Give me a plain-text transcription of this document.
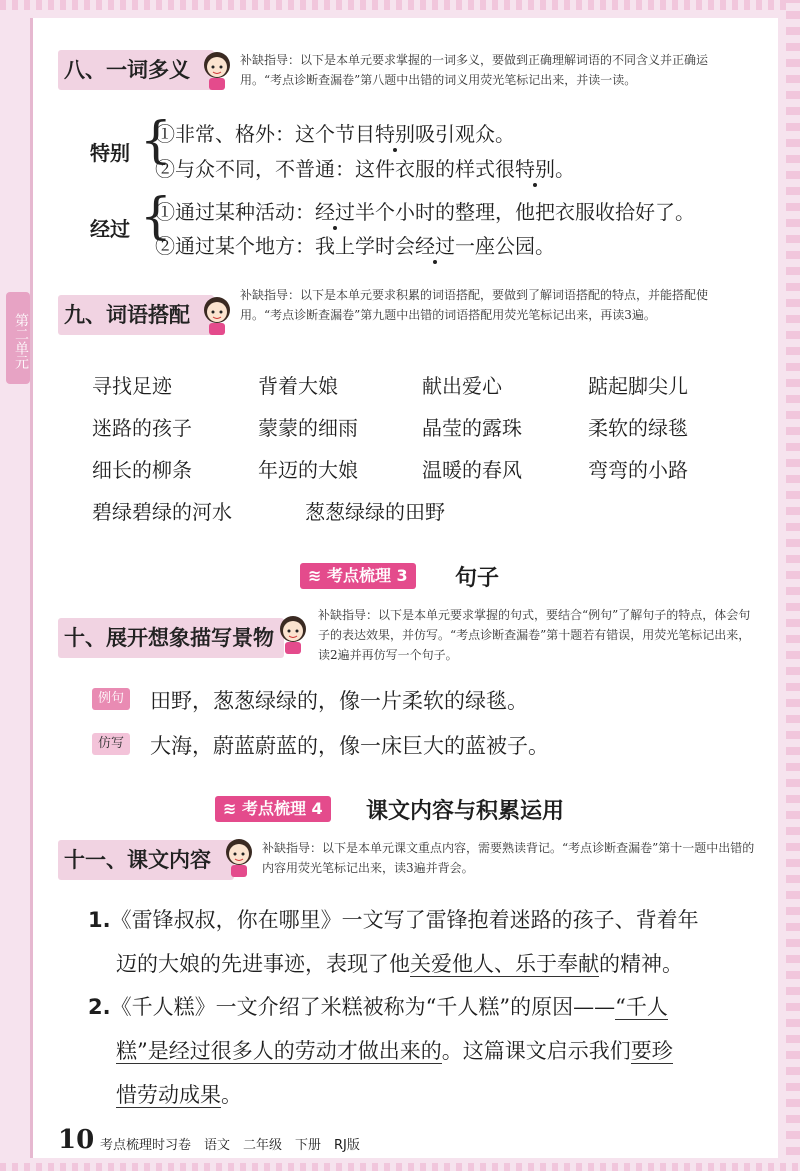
第二单元
八、一词多义	补缺指导：以下是本单元要求掌握的一词多义，要做到正确理解词语的不同含义并正确运用。“考点诊断查漏卷”第八题中出错的词义用荧光笔标记出来，并读一读。
特别 {
①非常、格外：这个节目特别吸引观众。
②与众不同，不普通：这件衣服的样式很特别。
经过 {
①通过某种活动：经过半个小时的整理，他把衣服收拾好了。
②通过某个地方：我上学时会经过一座公园。
九、词语搭配
补缺指导：以下是本单元要求积累的词语搭配，要做到了解词语搭配的特点，并能搭配使用。“考点诊断查漏卷”第九题中出错的词语搭配用荧光笔标记出来，再读3遍。
寻找足迹	背着大娘	献出爱心	踮起脚尖儿
迷路的孩子	蒙蒙的细雨	晶莹的露珠	柔软的绿毯
细长的柳条	年迈的大娘	温暖的春风	弯弯的小路
碧绿碧绿的河水	葱葱绿绿的田野
≋ 考点梳理 3	句子
十、展开想象描写景物
补缺指导：以下是本单元要求掌握的句式，要结合“例句”了解句子的特点，体会句子的表达效果，并仿写。“考点诊断查漏卷”第十题若有错误，用荧光笔标记出来，读2遍并再仿写一个句子。
例句 田野，葱葱绿绿的，像一片柔软的绿毯。
仿写 大海，蔚蓝蔚蓝的，像一床巨大的蓝被子。
≋ 考点梳理 4	课文内容与积累运用
十一、课文内容	补缺指导：以下是本单元课文重点内容，需要熟读背记。“考点诊断查漏卷”第十一题中出错的内容用荧光笔标记出来，读3遍并背会。
1.《雷锋叔叔，你在哪里》一文写了雷锋抱着迷路的孩子、背着年
迈的大娘的先进事迹，表现了他关爱他人、乐于奉献的精神。
2.《千人糕》一文介绍了米糕被称为“千人糕”的原因——“千人
糕”是经过很多人的劳动才做出来的。这篇课文启示我们要珍
惜劳动成果。
10 考点梳理时习卷　语文　二年级　下册　RJ版
